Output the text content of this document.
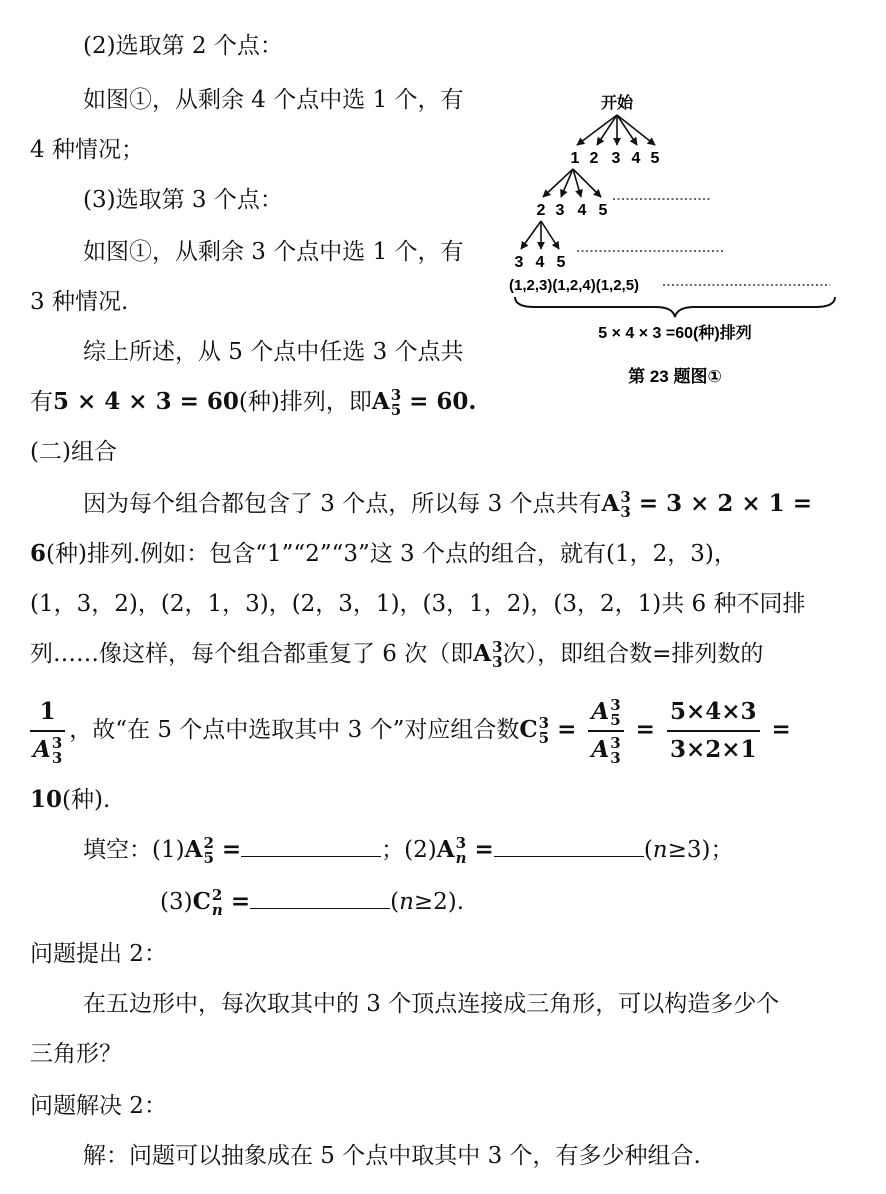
(2)选取第 2 个点：
如图①，从剩余 4 个点中选 1 个，有
4 种情况；
(3)选取第 3 个点：
如图①，从剩余 3 个点中选 1 个，有
3 种情况.
综上所述，从 5 个点中任选 3 个点共
有5 × 4 × 3 = 60(种)排列，即A 3
5 = 60.
开始
1 2 3 4 5
2 3 4 5
3 4 5
(1,2,3)(1,2,4)(1,2,5)
5 × 4 × 3 =60(种)排列
第 23 题图①
(二)组合
因为每个组合都包含了 3 个点，所以每 3 个点共有A 3
3 = 3 × 2 × 1 =
6(种)排列.例如：包含“1”“2”“3”这 3 个点的组合，就有(1，2，3)，
(1，3，2)，(2，1，3)，(2，3，1)，(3，1，2)，(3，2，1)共 6 种不同排
列……像这样，每个组合都重复了 6 次（即A 3
3 次），即组合数=排列数的
1
A 3
3 ，故“在 5 个点中选取其中 3 个”对应组合数C 3
5 = A 3
5
A 3
$3 = \frac{5\times 4\times 3}{3\times 2\times 1}$ =
10(种).
填空：(1)A 2
5 =	；(2)A 3
n =	(n≥3)；
(3)C 2
n =	(n≥2).
问题提出 2：
在五边形中，每次取其中的 3 个顶点连接成三角形，可以构造多少个
三角形？
问题解决 2：
解：问题可以抽象成在 5 个点中取其中 3 个，有多少种组合.
